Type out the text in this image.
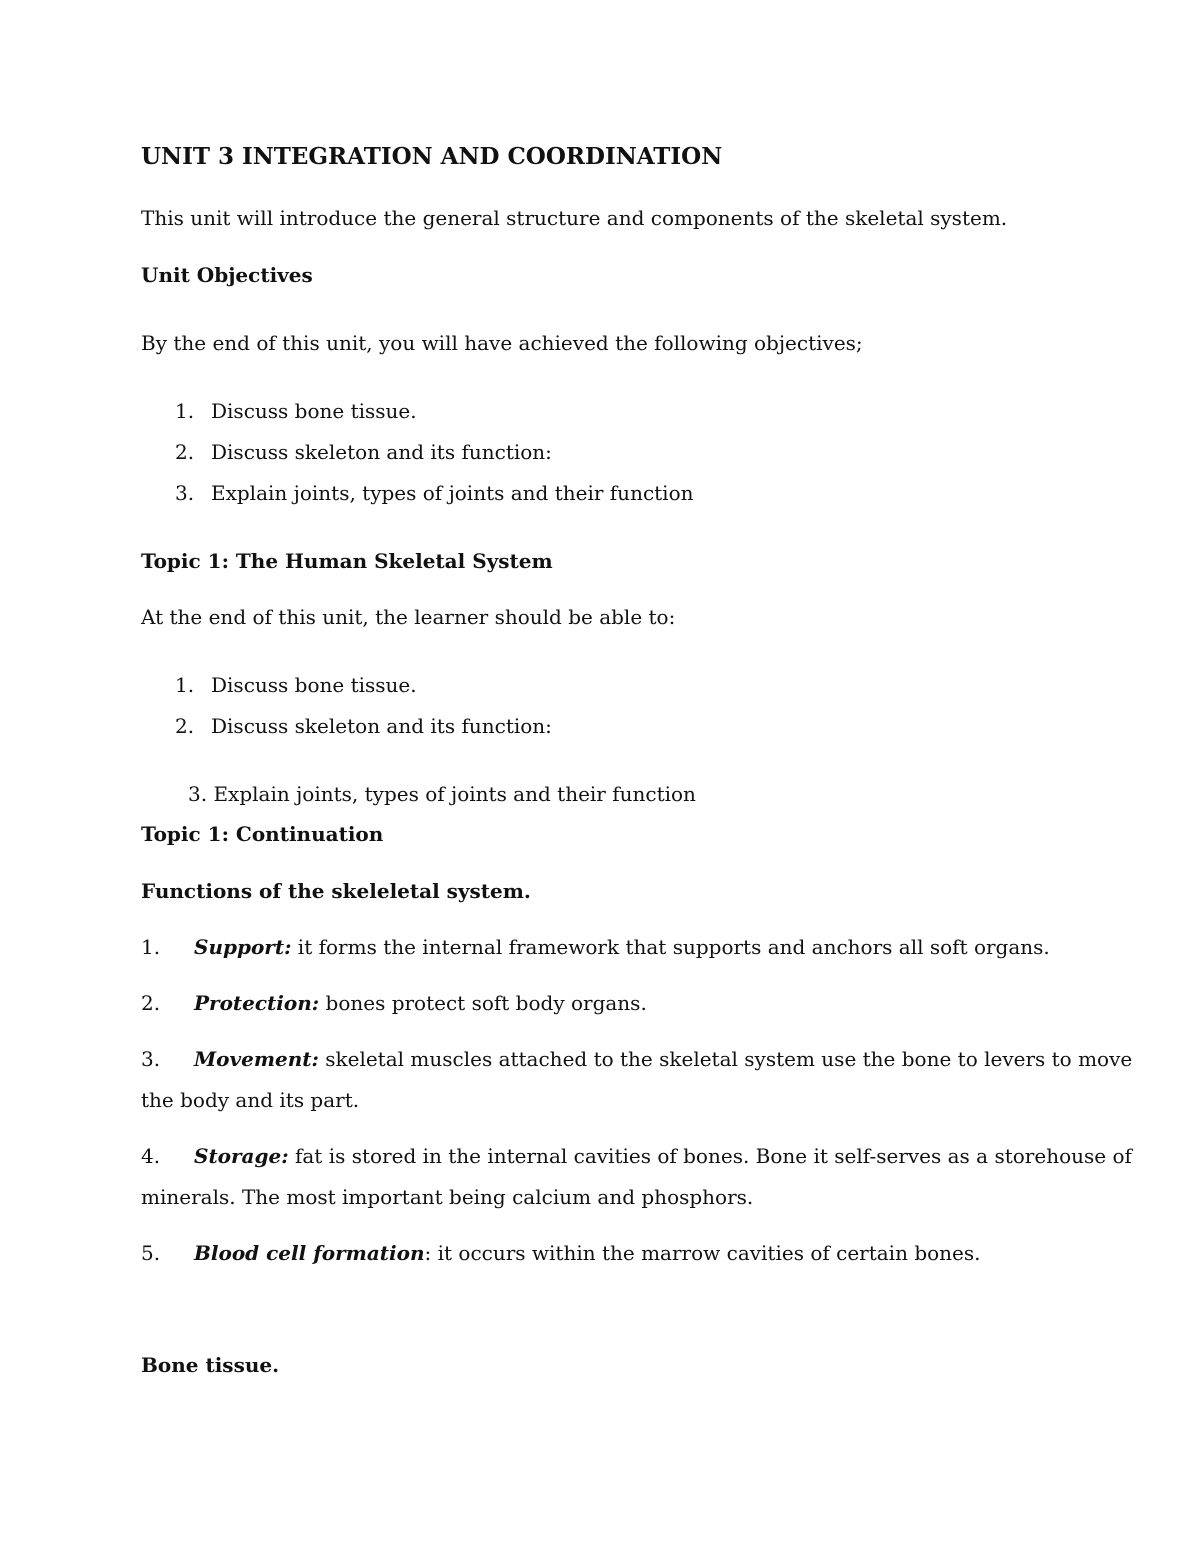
UNIT 3 INTEGRATION AND COORDINATION
This unit will introduce the general structure and components of the skeletal system.
Unit Objectives
By the end of this unit, you will have achieved the following objectives;
1. Discuss bone tissue.
2. Discuss skeleton and its function:
3. Explain joints, types of joints and their function
Topic 1: The Human Skeletal System
At the end of this unit, the learner should be able to:
1. Discuss bone tissue.
2. Discuss skeleton and its function:
3. Explain joints, types of joints and their function
Topic 1: Continuation
Functions of the skeleletal system.
1. Support: it forms the internal framework that supports and anchors all soft organs.
2. Protection: bones protect soft body organs.
3. Movement: skeletal muscles attached to the skeletal system use the bone to levers to move
the body and its part.
4. Storage: fat is stored in the internal cavities of bones. Bone it self-serves as a storehouse of
minerals. The most important being calcium and phosphors.
5. Blood cell formation: it occurs within the marrow cavities of certain bones.
Bone tissue.
